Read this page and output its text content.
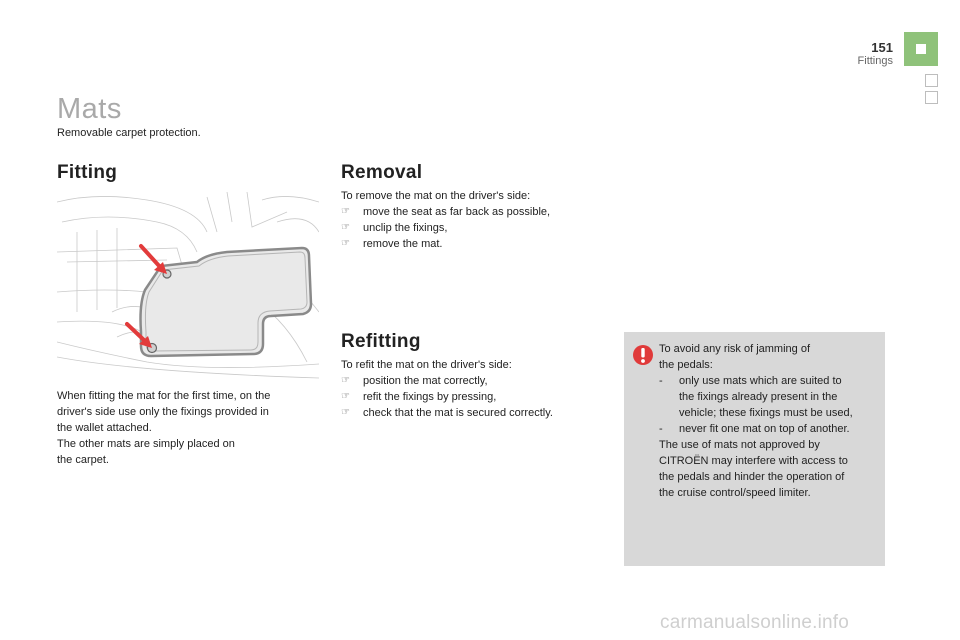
151
Fittings
Mats
Removable carpet protection.
Fitting

When fitting the mat for the first time, on the

driver's side use only the fixings provided in

the wallet attached.

The other mats are simply placed on

the carpet.

Removal
To remove the mat on the driver's side:
☞ move the seat as far back as possible,
☞ unclip the fixings,
☞ remove the mat.
Refitting
To refit the mat on the driver's side:
☞ position the mat correctly,
☞ refit the fixings by pressing,
☞ check that the mat is secured correctly.

To avoid any risk of jamming of

the pedals:

- only use mats which are suited to

the fixings already present in the

vehicle; these fixings must be used,

- never fit one mat on top of another.

The use of mats not approved by

CITROËN may interfere with access to

the pedals and hinder the operation of

the cruise control/speed limiter.

carmanualsonline.info
